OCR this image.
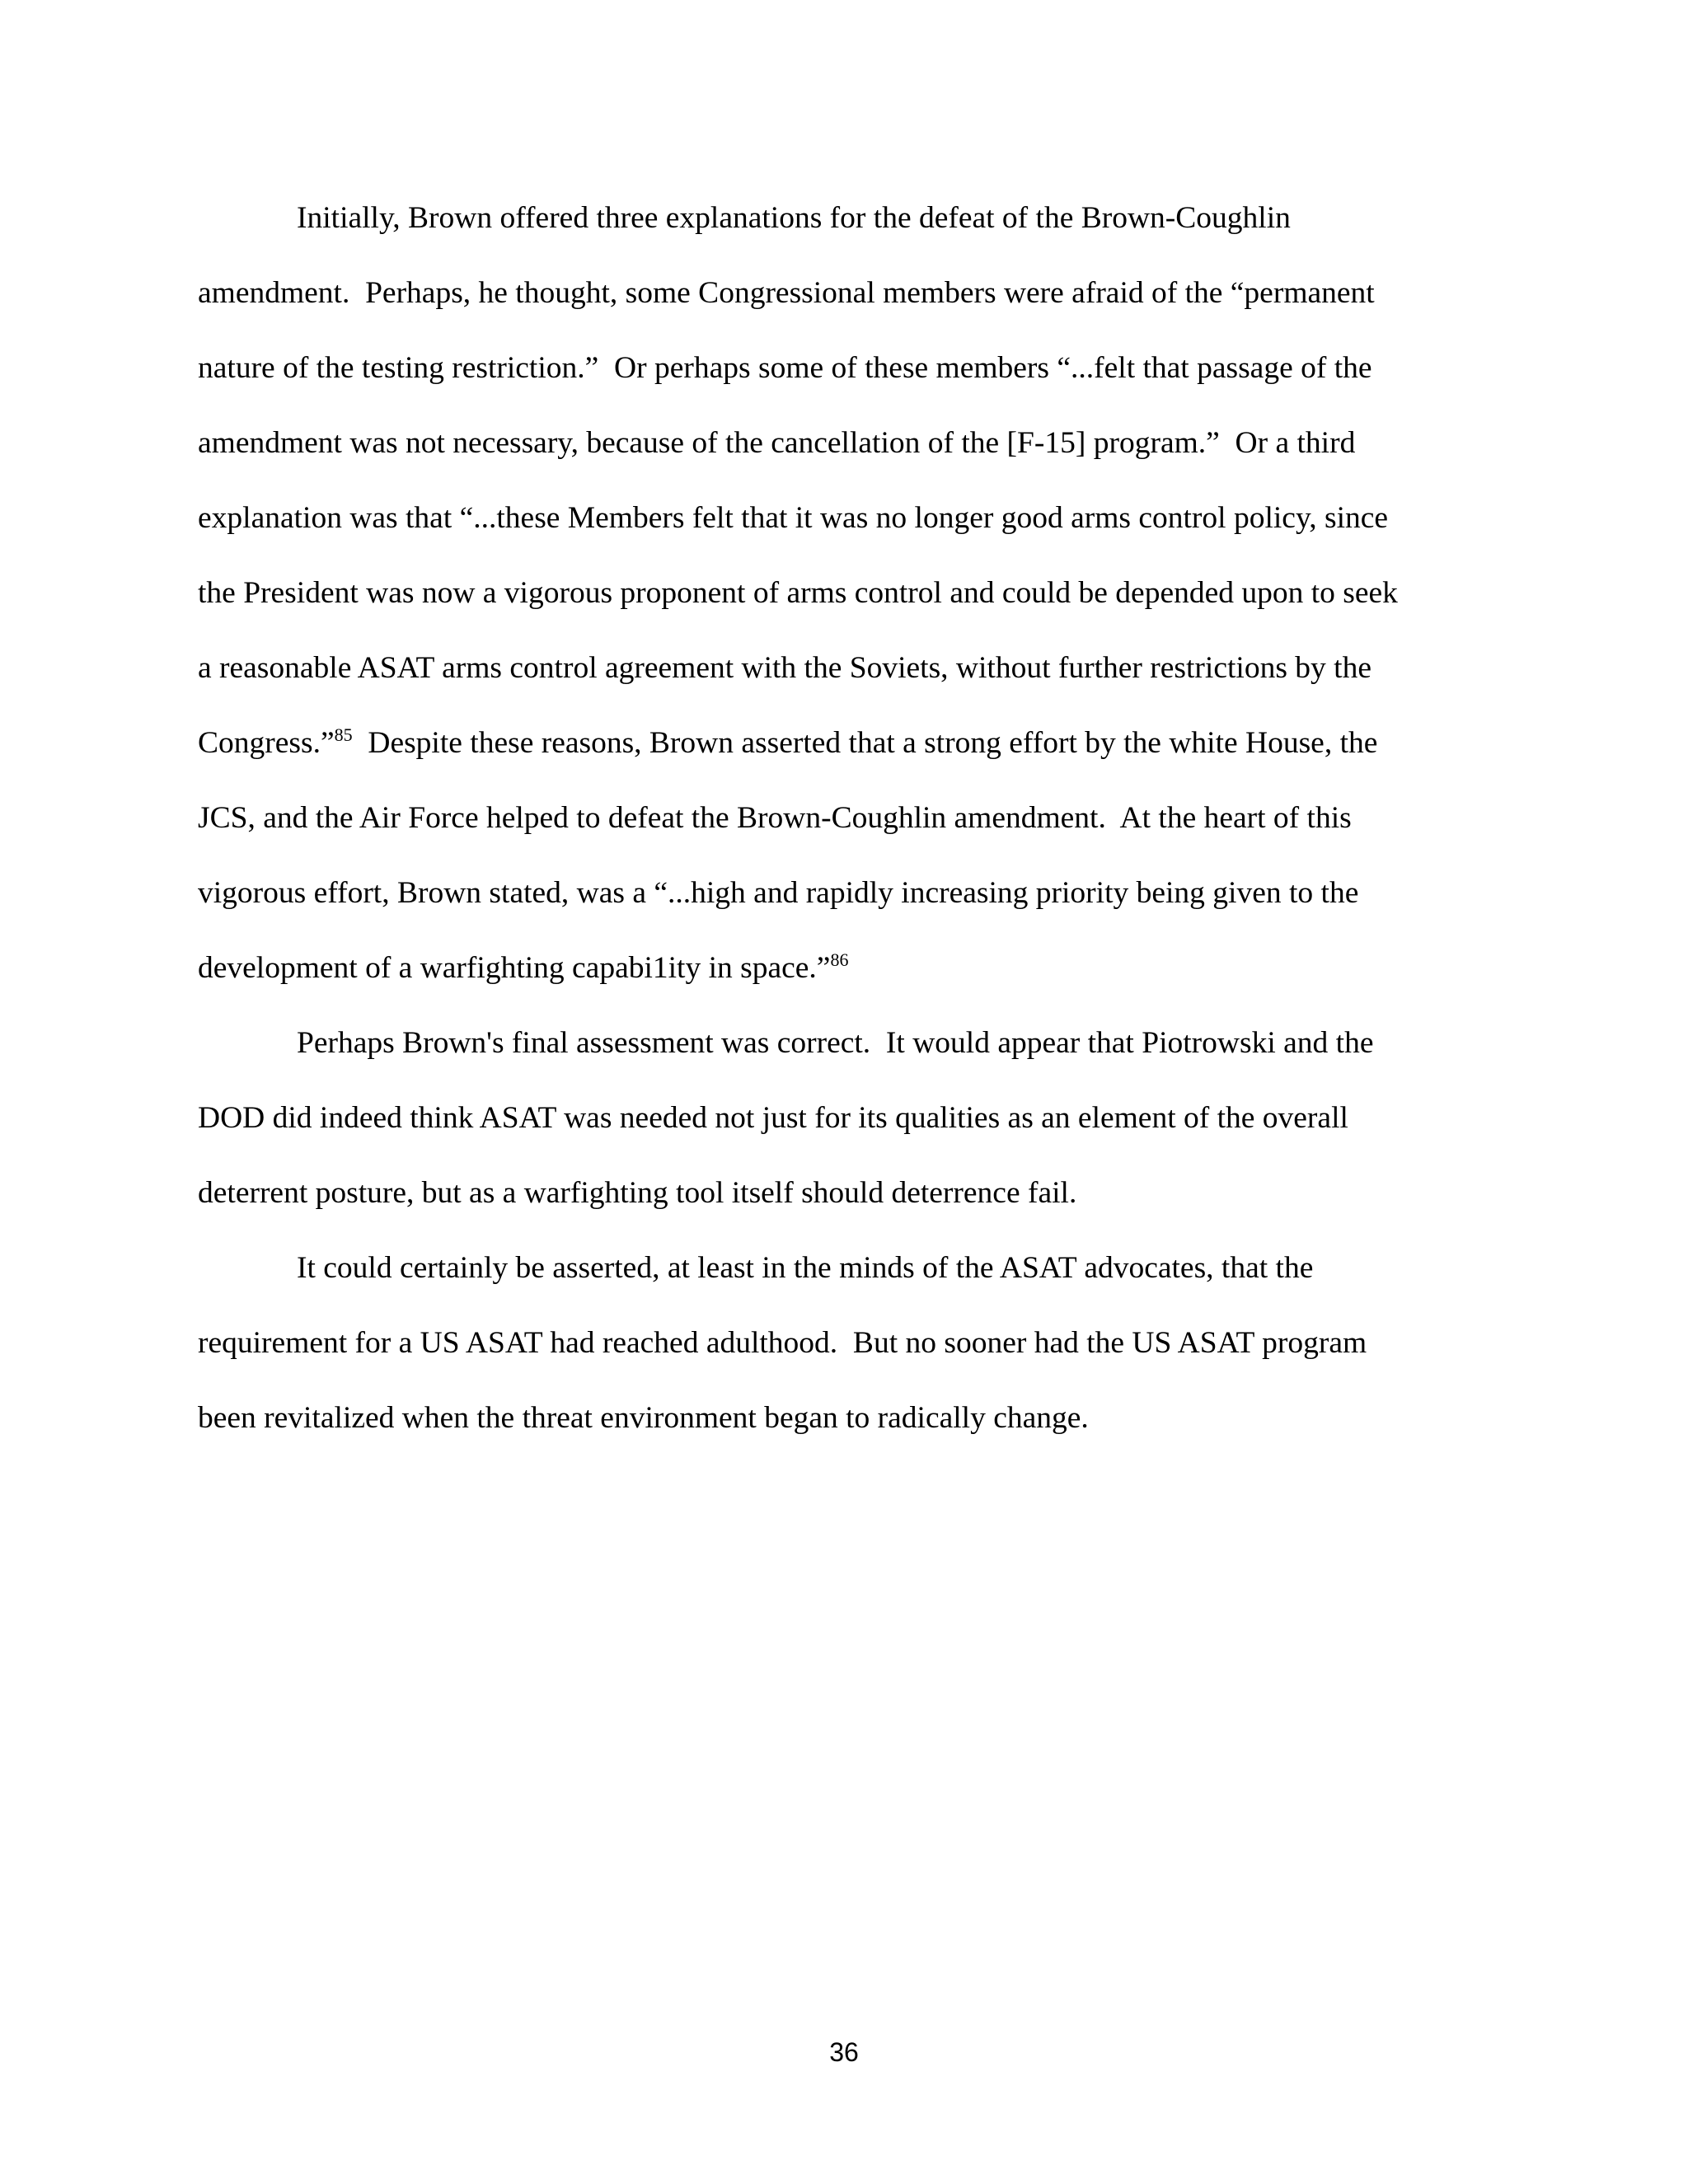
Initially, Brown offered three explanations for the defeat of the Brown-Coughlin
amendment.  Perhaps, he thought, some Congressional members were afraid of the “permanent
nature of the testing restriction.”  Or perhaps some of these members “...felt that passage of the
amendment was not necessary, because of the cancellation of the [F-15] program.”  Or a third
explanation was that “...these Members felt that it was no longer good arms control policy, since
the President was now a vigorous proponent of arms control and could be depended upon to seek
a reasonable ASAT arms control agreement with the Soviets, without further restrictions by the
Congress.”$^{85}$  Despite these reasons, Brown asserted that a strong effort by the white House, the
JCS, and the Air Force helped to defeat the Brown-Coughlin amendment.  At the heart of this
vigorous effort, Brown stated, was a “...high and rapidly increasing priority being given to the
development of a warfighting capabi1ity in space.”$^{86}$
Perhaps Brown's final assessment was correct.  It would appear that Piotrowski and the
DOD did indeed think ASAT was needed not just for its qualities as an element of the overall
deterrent posture, but as a warfighting tool itself should deterrence fail.
It could certainly be asserted, at least in the minds of the ASAT advocates, that the
requirement for a US ASAT had reached adulthood.  But no sooner had the US ASAT program
been revitalized when the threat environment began to radically change.
36
